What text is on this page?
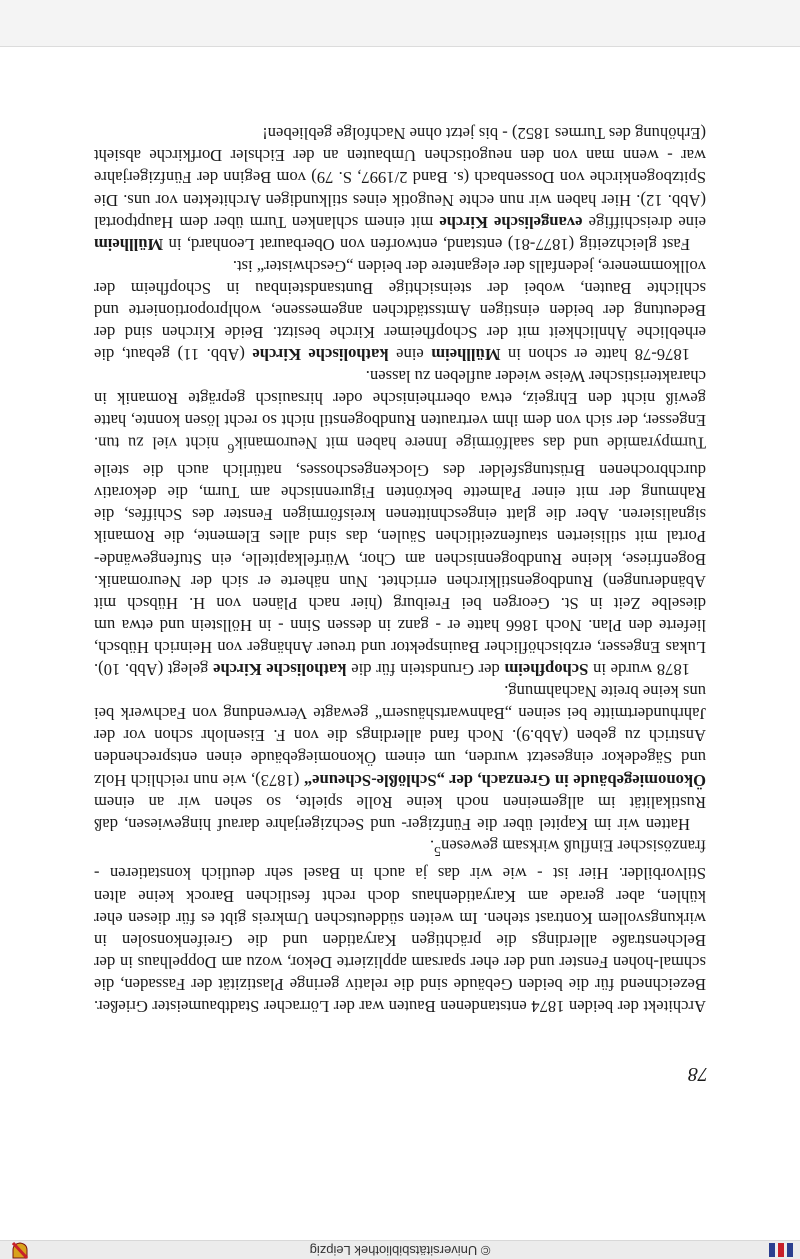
© Universitätsbibliothek Leipzig
78

Architekt der beiden 1874 entstandenen Bauten war der Lörracher Stadtbaumeister Grießer. Bezeichnend für die beiden Gebäude sind die relativ geringe Plastizität der Fassaden, die schmal-hohen Fenster und der eher sparsam applizierte Dekor, wozu am Doppelhaus in der Belchenstraße allerdings die prächtigen Karyatiden und die Greifenkonsolen in wirkungsvollem Kontrast stehen. Im weiten süddeutschen Umkreis gibt es für diesen eher kühlen, aber gerade am Karyatidenhaus doch recht festlichen Barock keine alten Stilvorbilder. Hier ist - wie wir das ja auch in Basel sehr deutlich konstatieren - französischer Einfluß wirksam gewesen$^5$.

Hatten wir im Kapitel über die Fünfziger- und Sechzigerjahre darauf hingewiesen, daß Rustikalität im allgemeinen noch keine Rolle spielte, so sehen wir an einem Ökonomiegebäude in Grenzach, der „Schlößle-Scheune“ (1873), wie nun reichlich Holz und Sägedekor eingesetzt wurden, um einem Ökonomiegebäude einen entsprechenden Anstrich zu geben (Abb.9). Noch fand allerdings die von F. Eisenlohr schon vor der Jahrhundertmitte bei seinen „Bahnwartshäusern“ gewagte Verwendung von Fachwerk bei uns keine breite Nachahmung.

1878 wurde in Schopfheim der Grundstein für die katholische Kirche gelegt (Abb. 10). Lukas Engesser, erzbischöflicher Bauinspektor und treuer Anhänger von Heinrich Hübsch, lieferte den Plan. Noch 1866 hatte er - ganz in dessen Sinn - in Höllstein und etwa um dieselbe Zeit in St. Georgen bei Freiburg (hier nach Plänen von H. Hübsch mit Abänderungen) Rundbogenstilkirchen errichtet. Nun näherte er sich der Neuromanik. Bogenfriese, kleine Rundbogennischen am Chor, Würfelkapitelle, ein Stufengewände-Portal mit stilisierten staufenzeitlichen Säulen, das sind alles Elemente, die Romanik signalisieren. Aber die glatt eingeschnittenen kreisförmigen Fenster des Schiffes, die Rahmung der mit einer Palmette bekrönten Figurennische am Turm, die dekorativ durchbrochenen Brüstungsfelder des Glockengeschosses, natürlich auch die steile Turmpyramide und das saalförmige Innere haben mit Neuromanik$^6$ nicht viel zu tun. Engesser, der sich von dem ihm vertrauten Rundbogenstil nicht so recht lösen konnte, hatte gewiß nicht den Ehrgeiz, etwa oberrheinische oder hirsauisch geprägte Romanik in charakteristischer Weise wieder aufleben zu lassen.

1876-78 hatte er schon in Müllheim eine katholische Kirche (Abb. 11) gebaut, die erhebliche Ähnlichkeit mit der Schopfheimer Kirche besitzt. Beide Kirchen sind der Bedeutung der beiden einstigen Amtsstädtchen angemessene, wohlproportionierte und schlichte Bauten, wobei der steinsichtige Buntsandsteinbau in Schopfheim der vollkommenere, jedenfalls der elegantere der beiden „Geschwister“ ist.

Fast gleichzeitig (1877-81) entstand, entworfen von Oberbaurat Leonhard, in Müllheim eine dreischiffige evangelische Kirche mit einem schlanken Turm über dem Hauptportal (Abb. 12). Hier haben wir nun echte Neugotik eines stilkundigen Architekten vor uns. Die Spitzbogenkirche von Dossenbach (s. Band 2/1997, S. 79) vom Beginn der Fünfzigerjahre war - wenn man von den neugotischen Umbauten an der Eichsler Dorfkirche absieht (Erhöhung des Turmes 1852) - bis jetzt ohne Nachfolge geblieben!
